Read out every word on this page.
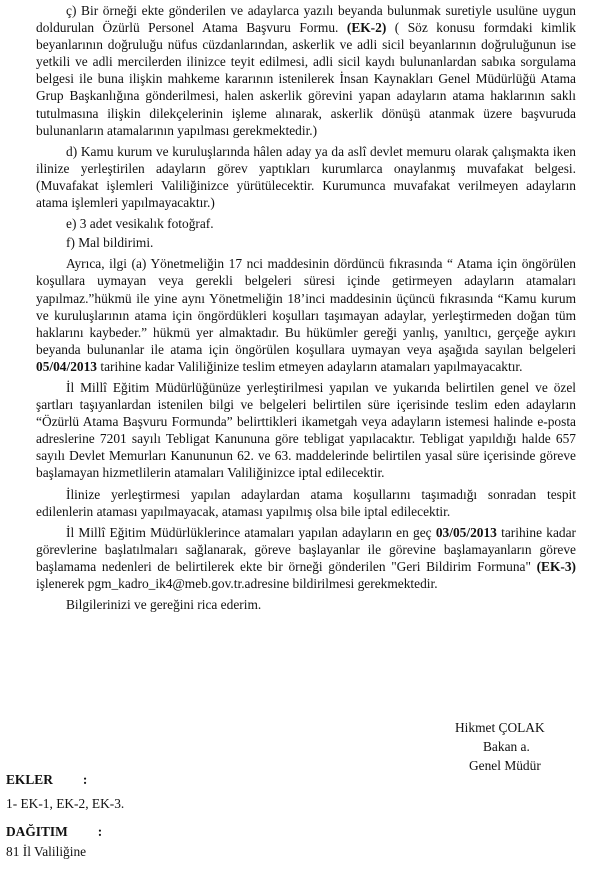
ç) Bir örneği ekte gönderilen ve adaylarca yazılı beyanda bulunmak suretiyle usulüne uygun doldurulan Özürlü Personel Atama Başvuru Formu. (EK-2) ( Söz konusu formdaki kimlik beyanlarının doğruluğu nüfus cüzdanlarından, askerlik ve adli sicil beyanlarının doğruluğunun ise yetkili ve adli mercilerden ilinizce teyit edilmesi, adli sicil kaydı bulunanlardan sabıka sorgulama belgesi ile buna ilişkin mahkeme kararının istenilerek İnsan Kaynakları Genel Müdürlüğü Atama Grup Başkanlığına gönderilmesi, halen askerlik görevini yapan adayların atama haklarının saklı tutulmasına ilişkin dilekçelerinin işleme alınarak, askerlik dönüşü atanmak üzere başvuruda bulunanların atamalarının yapılması gerekmektedir.)

d) Kamu kurum ve kuruluşlarında hâlen aday ya da aslî devlet memuru olarak çalışmakta iken ilinize yerleştirilen adayların görev yaptıkları kurumlarca onaylanmış muvafakat belgesi. (Muvafakat işlemleri Valiliğinizce yürütülecektir. Kurumunca muvafakat verilmeyen adayların atama işlemleri yapılmayacaktır.)

e) 3 adet vesikalık fotoğraf.

f) Mal bildirimi.

Ayrıca, ilgi (a) Yönetmeliğin 17 nci maddesinin dördüncü fıkrasında “ Atama için öngörülen koşullara uymayan veya gerekli belgeleri süresi içinde getirmeyen adayların atamaları yapılmaz.”hükmü ile yine aynı Yönetmeliğin 18’inci maddesinin üçüncü fıkrasında “Kamu kurum ve kuruluşlarının atama için öngördükleri koşulları taşımayan adaylar, yerleştirmeden doğan tüm haklarını kaybeder.” hükmü yer almaktadır. Bu hükümler gereği yanlış, yanıltıcı, gerçeğe aykırı beyanda bulunanlar ile atama için öngörülen koşullara uymayan veya aşağıda sayılan belgeleri 05/04/2013 tarihine kadar Valiliğinize teslim etmeyen adayların atamaları yapılmayacaktır.

İl Millî Eğitim Müdürlüğünüze yerleştirilmesi yapılan ve yukarıda belirtilen genel ve özel şartları taşıyanlardan istenilen bilgi ve belgeleri belirtilen süre içerisinde teslim eden adayların “Özürlü Atama Başvuru Formunda” belirttikleri ikametgah veya adayların istemesi halinde e-posta adreslerine 7201 sayılı Tebligat Kanununa göre tebligat yapılacaktır. Tebligat yapıldığı halde 657 sayılı Devlet Memurları Kanununun 62. ve 63. maddelerinde belirtilen yasal süre içerisinde göreve başlamayan hizmetlilerin atamaları Valiliğinizce iptal edilecektir.

İlinize yerleştirmesi yapılan adaylardan atama koşullarını taşımadığı sonradan tespit edilenlerin ataması yapılmayacak, ataması yapılmış olsa bile iptal edilecektir.

İl Millî Eğitim Müdürlüklerince atamaları yapılan adayların en geç 03/05/2013 tarihine kadar görevlerine başlatılmaları sağlanarak, göreve başlayanlar ile görevine başlamayanların göreve başlamama nedenleri de belirtilerek ekte bir örneği gönderilen "Geri Bildirim Formuna" (EK-3) işlenerek pgm_kadro_ik4@meb.gov.tr.adresine bildirilmesi gerekmektedir.

Bilgilerinizi ve gereğini rica ederim.

Hikmet ÇOLAK
Bakan a.
Genel Müdür
EKLER :
1- EK-1, EK-2, EK-3.
DAĞITIM :
81 İl Valiliğine
